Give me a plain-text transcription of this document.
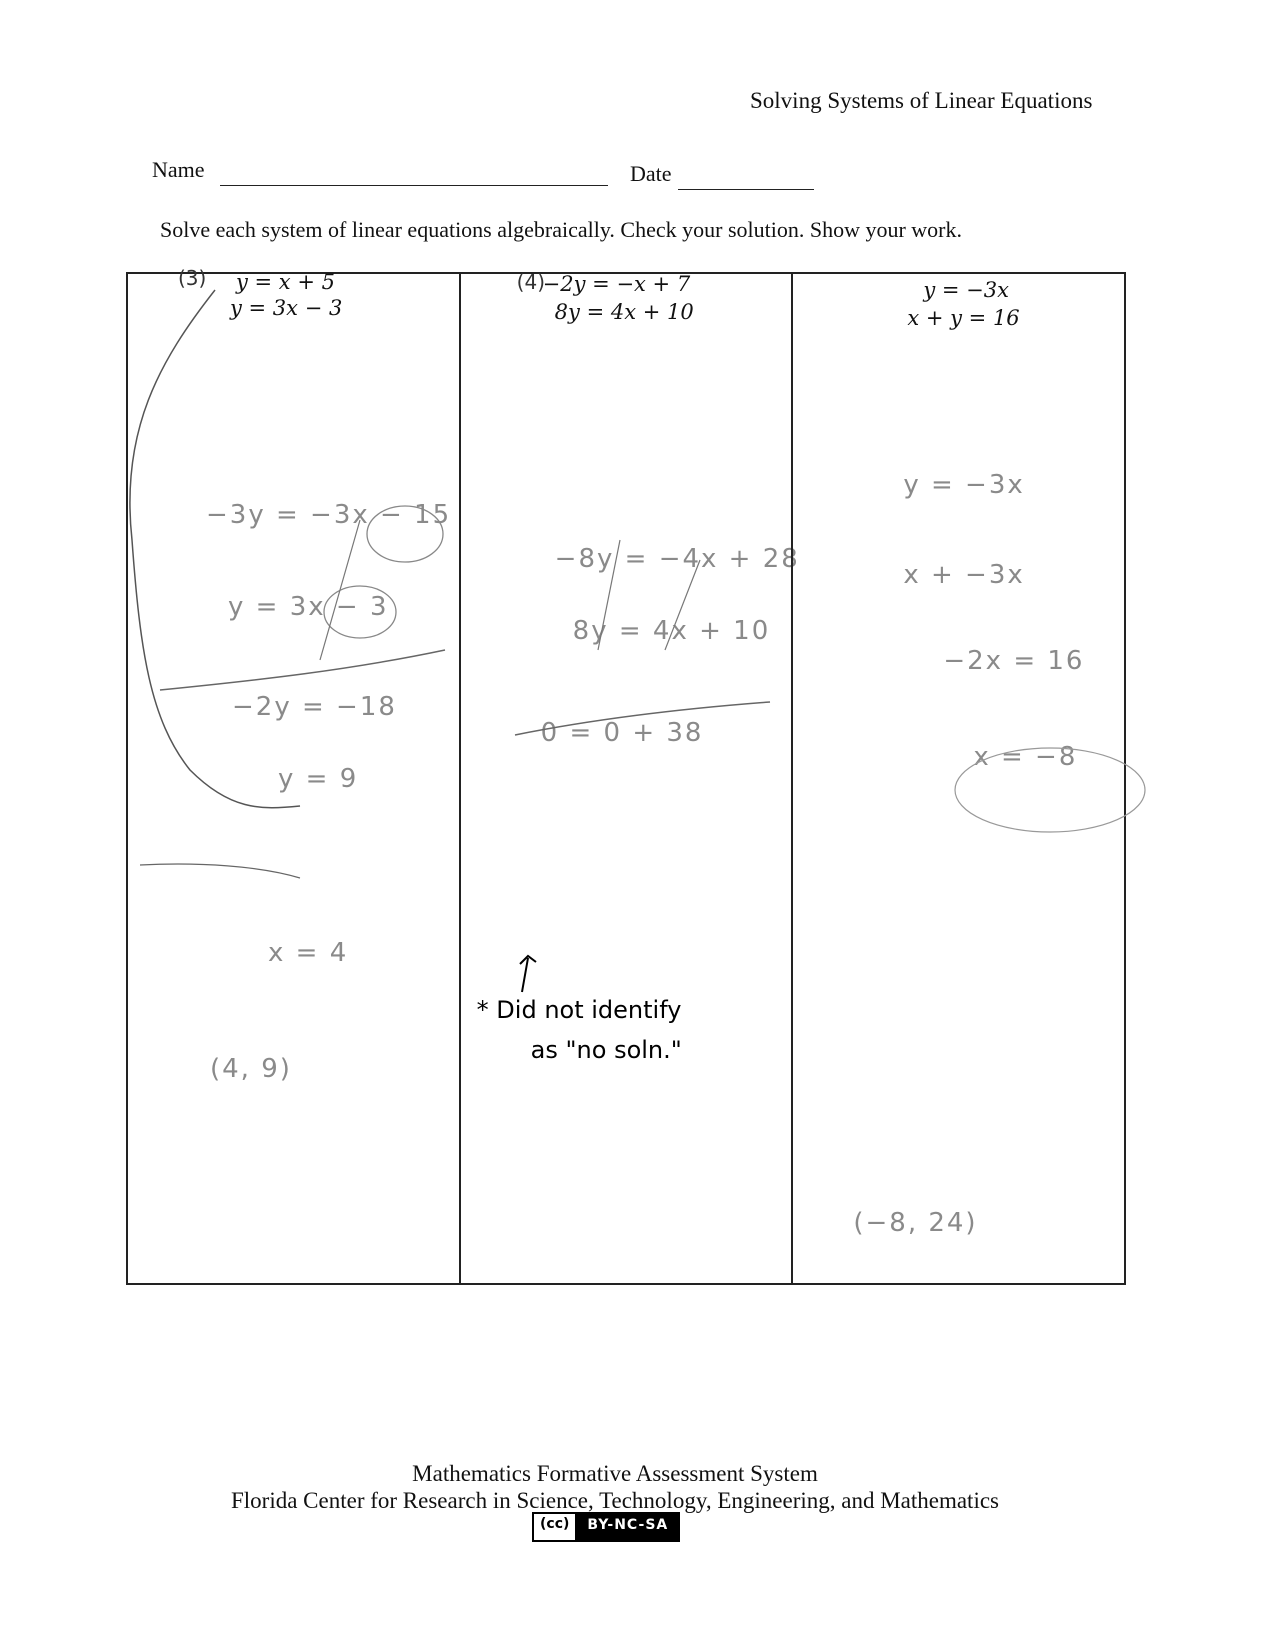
Solving Systems of Linear Equations
Name	Date
Solve each system of linear equations algebraically. Check your solution. Show your work.
(3) y = x + 5
y = 3x − 3
−3y = −3x − 15
y = 3x − 3
−2y = −18
y = 9
x = 4
(4, 9)
(4)
−2y = −x + 7
8y = 4x + 10
−8y = −4x + 28
8y = 4x + 10
0 = 0 + 38
* Did not identify
as "no soln."
y = −3x
x + y = 16
y = −3x
x + −3x
−2x = 16
x = −8
(−8, 24)
Mathematics Formative Assessment System
Florida Center for Research in Science, Technology, Engineering, and Mathematics
(cc)	BY-NC-SA
